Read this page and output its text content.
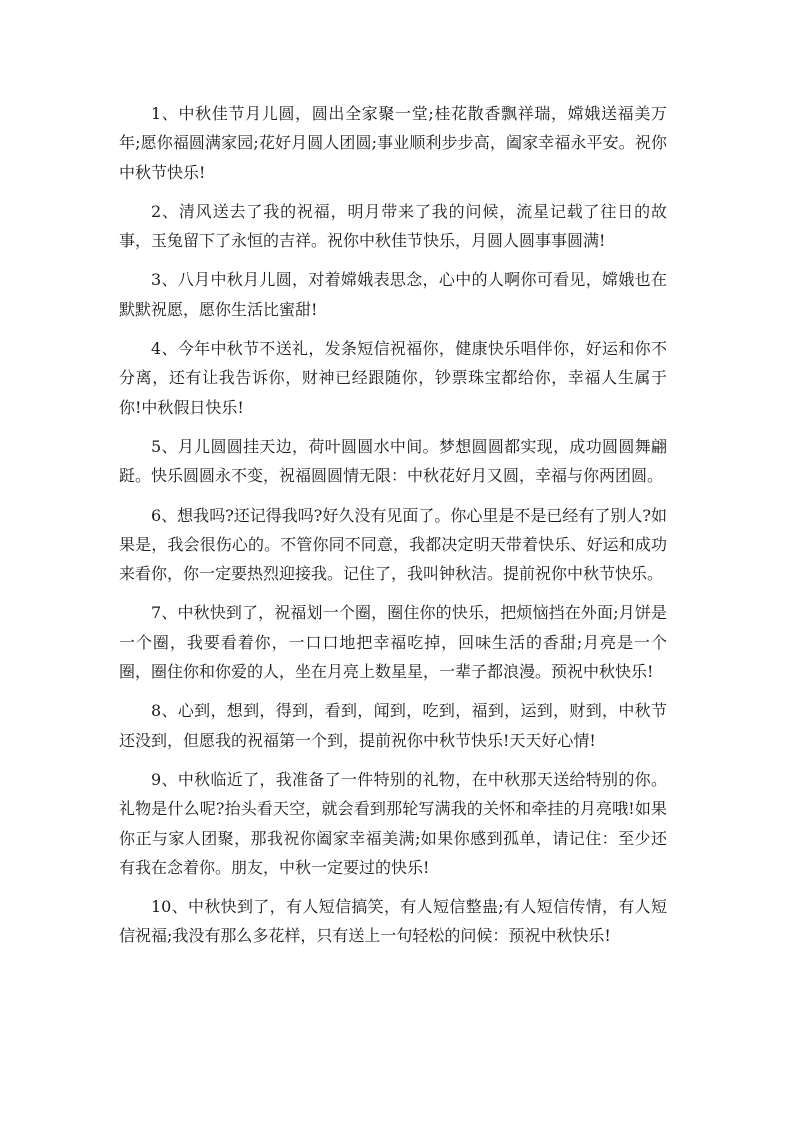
1、中秋佳节月儿圆，圆出全家聚一堂;桂花散香飘祥瑞，嫦娥送福美万年;愿你福圆满家园;花好月圆人团圆;事业顺利步步高，阖家幸福永平安。祝你中秋节快乐!

2、清风送去了我的祝福，明月带来了我的问候，流星记载了往日的故事，玉兔留下了永恒的吉祥。祝你中秋佳节快乐，月圆人圆事事圆满!

3、八月中秋月儿圆，对着嫦娥表思念，心中的人啊你可看见，嫦娥也在默默祝愿，愿你生活比蜜甜!

4、今年中秋节不送礼，发条短信祝福你，健康快乐唱伴你，好运和你不分离，还有让我告诉你，财神已经跟随你，钞票珠宝都给你，幸福人生属于你!中秋假日快乐!

5、月儿圆圆挂天边，荷叶圆圆水中间。梦想圆圆都实现，成功圆圆舞翩跹。快乐圆圆永不变，祝福圆圆情无限：中秋花好月又圆，幸福与你两团圆。

6、想我吗?还记得我吗?好久没有见面了。你心里是不是已经有了别人?如果是，我会很伤心的。不管你同不同意，我都决定明天带着快乐、好运和成功来看你，你一定要热烈迎接我。记住了，我叫钟秋洁。提前祝你中秋节快乐。

7、中秋快到了，祝福划一个圈，圈住你的快乐，把烦恼挡在外面;月饼是一个圈，我要看着你，一口口地把幸福吃掉，回味生活的香甜;月亮是一个圈，圈住你和你爱的人，坐在月亮上数星星，一辈子都浪漫。预祝中秋快乐!

8、心到，想到，得到，看到，闻到，吃到，福到，运到，财到，中秋节还没到，但愿我的祝福第一个到，提前祝你中秋节快乐!天天好心情!

9、中秋临近了，我准备了一件特别的礼物，在中秋那天送给特别的你。礼物是什么呢?抬头看天空，就会看到那轮写满我的关怀和牵挂的月亮哦!如果你正与家人团聚，那我祝你阖家幸福美满;如果你感到孤单，请记住：至少还有我在念着你。朋友，中秋一定要过的快乐!

10、中秋快到了，有人短信搞笑，有人短信整蛊;有人短信传情，有人短信祝福;我没有那么多花样，只有送上一句轻松的问候：预祝中秋快乐!
